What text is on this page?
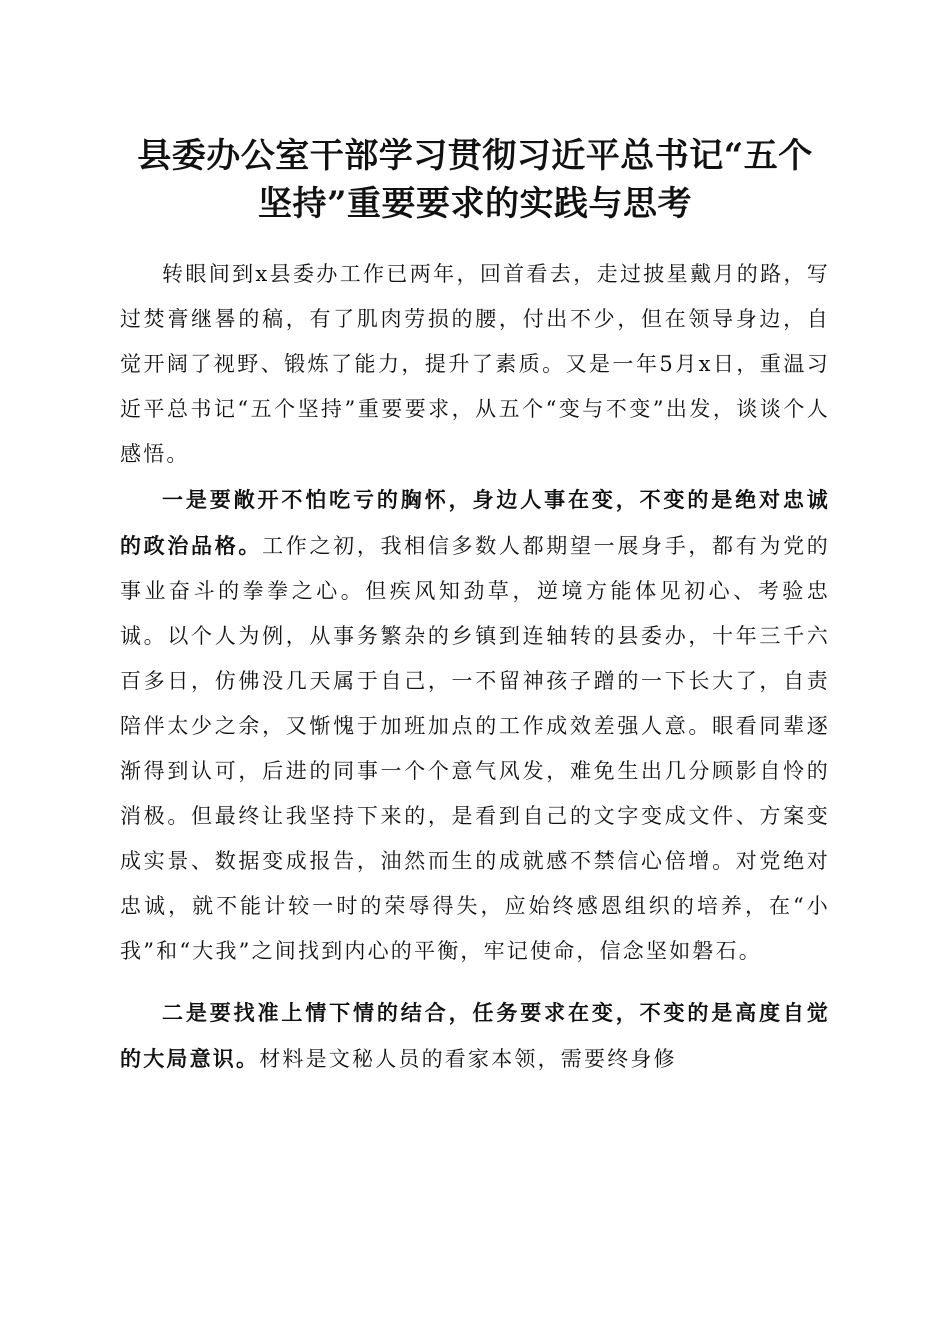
县委办公室干部学习贯彻习近平总书记“五个
坚持”重要要求的实践与思考

转眼间到x县委办工作已两年，回首看去，走过披星戴月的路，写过焚膏继晷的稿，有了肌肉劳损的腰，付出不少，但在领导身边，自觉开阔了视野、锻炼了能力，提升了素质。又是一年5月x日，重温习近平总书记“五个坚持”重要要求，从五个“变与不变”出发，谈谈个人感悟。

一是要敞开不怕吃亏的胸怀，身边人事在变，不变的是绝对忠诚的政治品格。工作之初，我相信多数人都期望一展身手，都有为党的事业奋斗的拳拳之心。但疾风知劲草，逆境方能体见初心、考验忠诚。以个人为例，从事务繁杂的乡镇到连轴转的县委办，十年三千六百多日，仿佛没几天属于自己，一不留神孩子蹭的一下长大了，自责陪伴太少之余，又惭愧于加班加点的工作成效差强人意。眼看同辈逐渐得到认可，后进的同事一个个意气风发，难免生出几分顾影自怜的消极。但最终让我坚持下来的，是看到自己的文字变成文件、方案变成实景、数据变成报告，油然而生的成就感不禁信心倍增。对党绝对忠诚，就不能计较一时的荣辱得失，应始终感恩组织的培养，在“小我”和“大我”之间找到内心的平衡，牢记使命，信念坚如磐石。

二是要找准上情下情的结合，任务要求在变，不变的是高度自觉的大局意识。材料是文秘人员的看家本领，需要终身修
